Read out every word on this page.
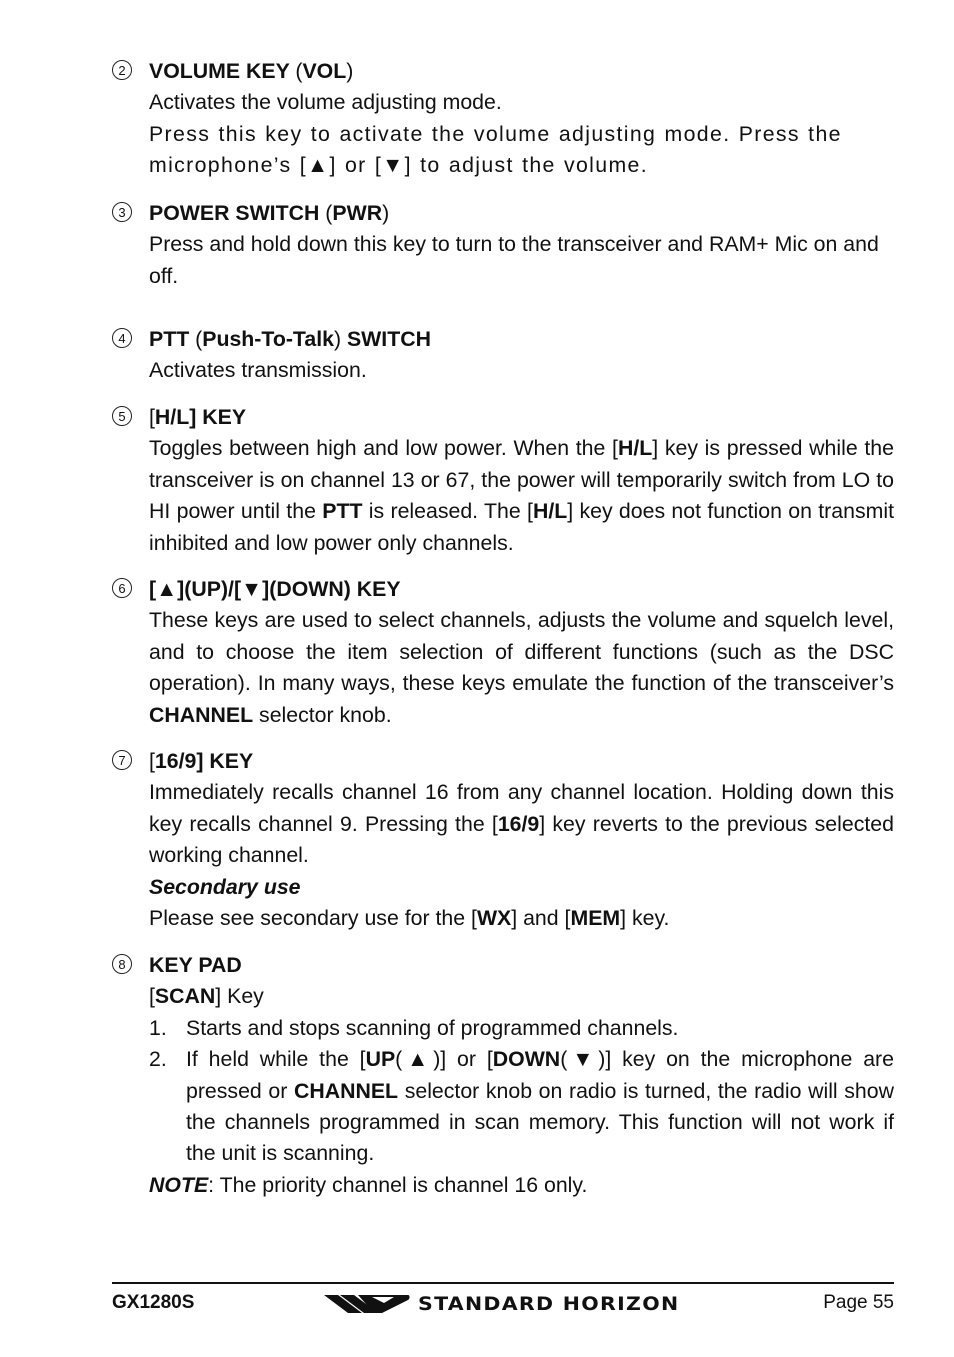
2	VOLUME KEY (VOL)

Activates the volume adjusting mode.

Press this key to activate the volume adjusting mode. Press the microphone’s [▲] or [▼] to adjust the volume.

3	POWER SWITCH (PWR)

Press and hold down this key to turn to the transceiver and RAM+ Mic on and off.

4	PTT (Push-To-Talk) SWITCH

Activates transmission.

5	[H/L] KEY

Toggles between high and low power. When the [H/L] key is pressed while the transceiver is on channel 13 or 67, the power will temporarily switch from LO to HI power until the PTT is released. The [H/L] key does not function on transmit inhibited and low power only channels.

6	[▲](UP)/[▼](DOWN) KEY

These keys are used to select channels, adjusts the volume and squelch level, and to choose the item selection of different functions (such as the DSC operation). In many ways, these keys emulate the function of the transceiver’s CHANNEL selector knob.

7	[16/9] KEY

Immediately recalls channel 16 from any channel location. Holding down this key recalls channel 9. Pressing the [16/9] key reverts to the previous selected working channel.

Secondary use

Please see secondary use for the [WX] and [MEM] key.

8	KEY PAD

[SCAN] Key

1. Starts and stops scanning of programmed channels.
2. If held while the [UP(▲)] or [DOWN(▼)] key on the microphone are pressed or CHANNEL selector knob on radio is turned, the radio will show the channels programmed in scan memory. This function will not work if the unit is scanning.

NOTE: The priority channel is channel 16 only.

GX1280S	STANDARD HORIZON	Page 55
